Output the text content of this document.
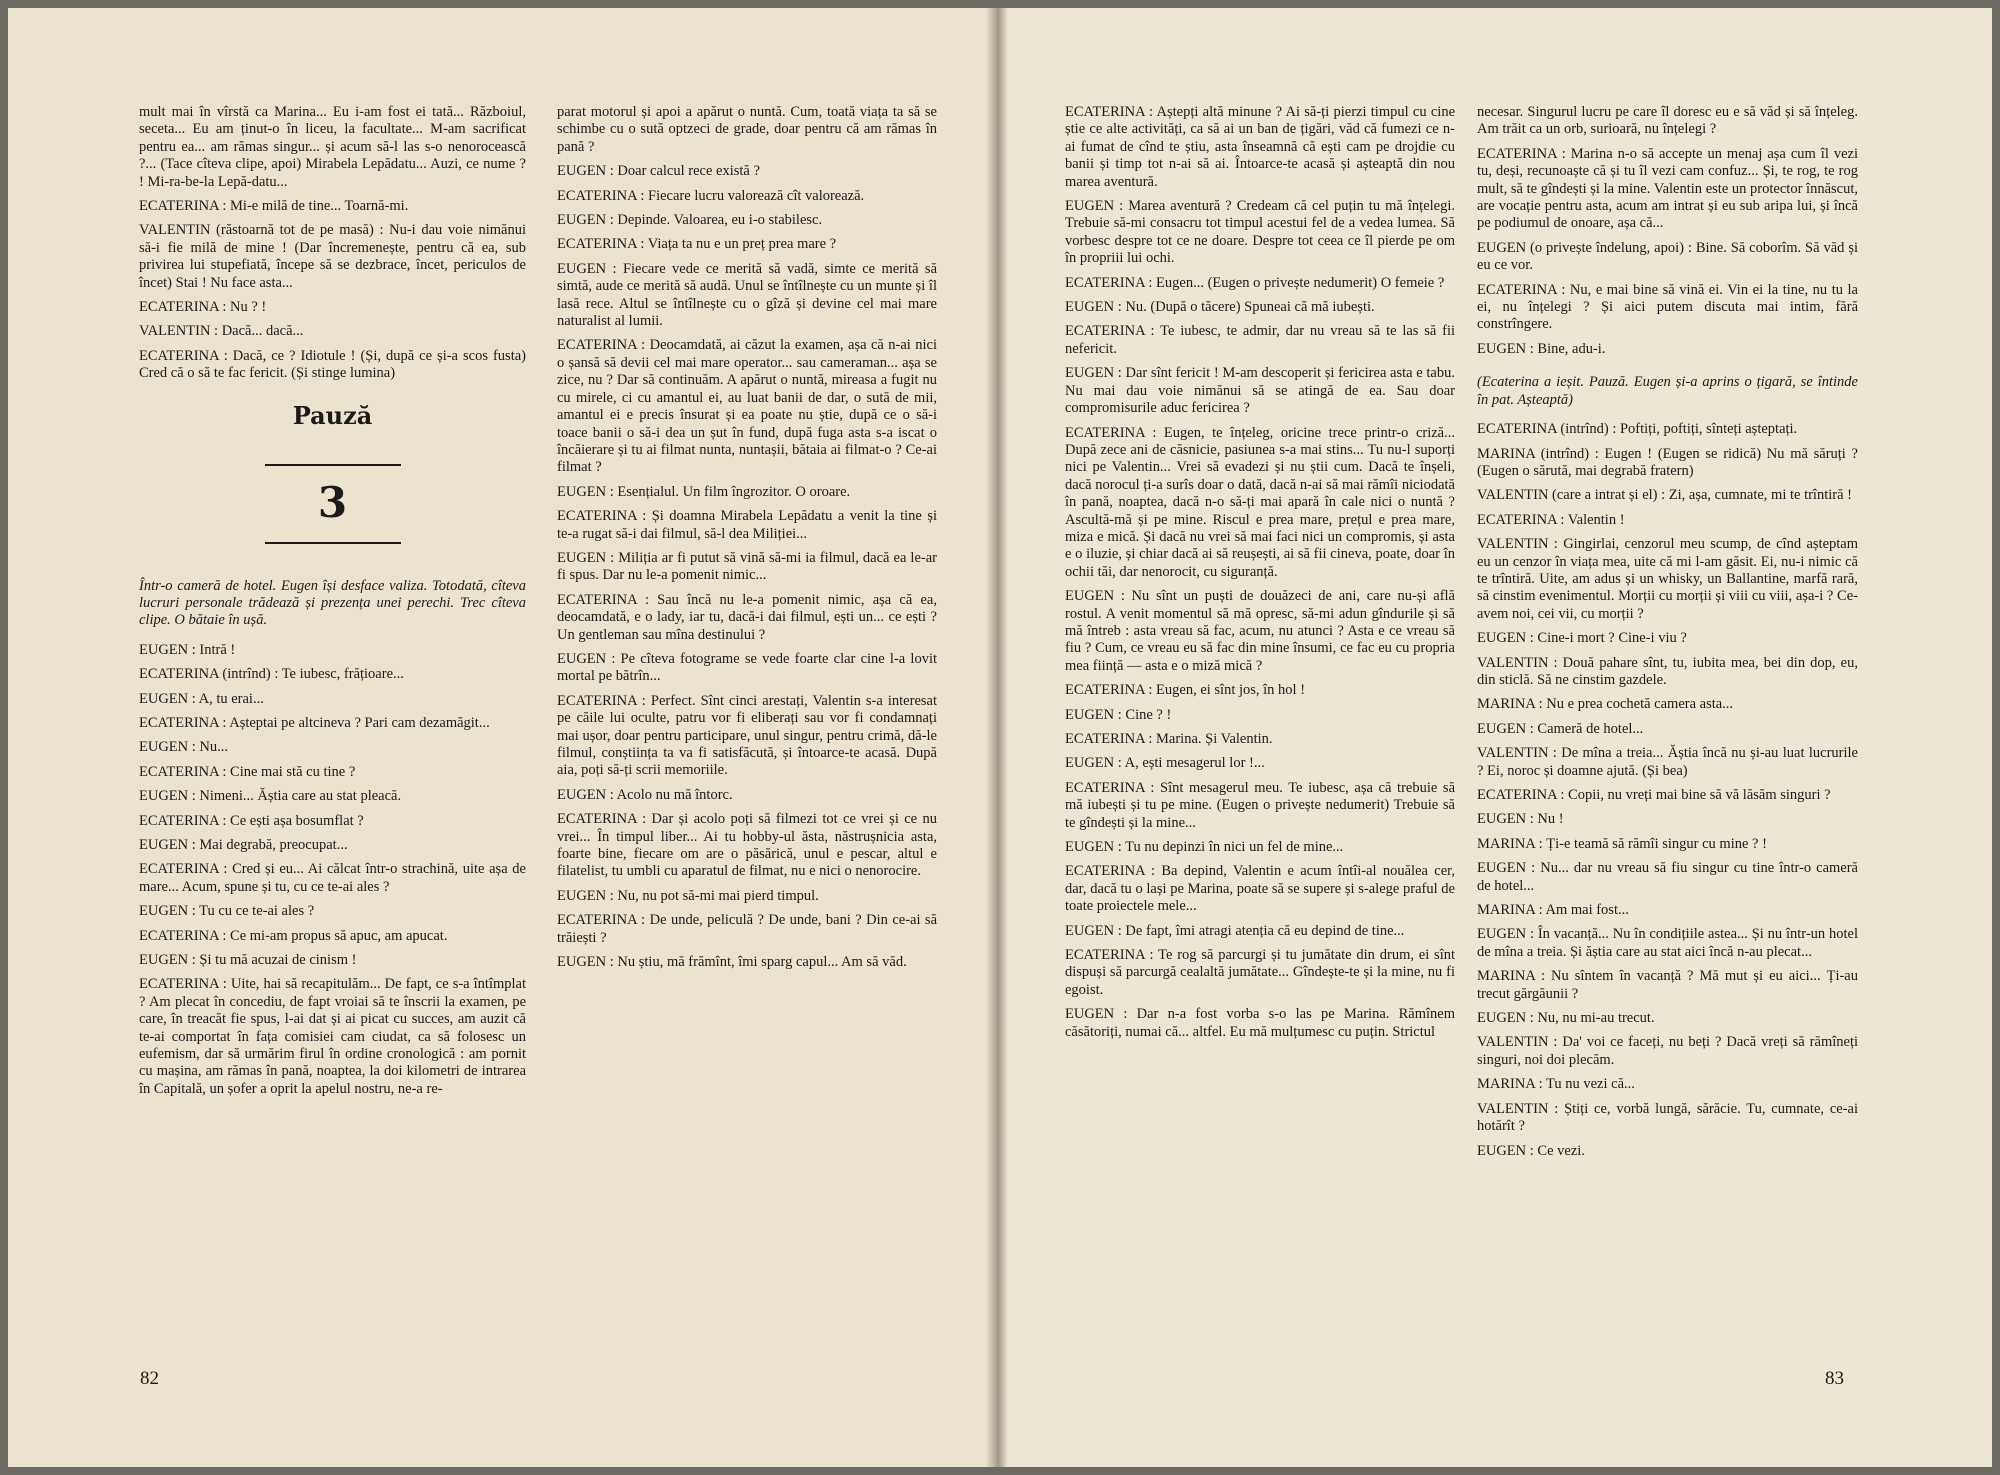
mult mai în vîrstă ca Marina... Eu i-am fost ei tată... Războiul, seceta... Eu am ținut-o în liceu, la facultate... M-am sacrificat pentru ea... am rămas singur... și acum să-l las s-o nenorocească ?... (Tace cîteva clipe, apoi) Mirabela Lepădatu... Auzi, ce nume ? ! Mi-ra-be-la Lepă-datu...

ECATERINA : Mi-e milă de tine... Toarnă-mi.

VALENTIN (răstoarnă tot de pe masă) : Nu-i dau voie nimănui să-i fie milă de mine ! (Dar încremenește, pentru că ea, sub privirea lui stupefiată, începe să se dezbrace, încet, periculos de încet) Stai ! Nu face asta...

ECATERINA : Nu ? !

VALENTIN : Dacă... dacă...

ECATERINA : Dacă, ce ? Idiotule ! (Și, după ce și-a scos fusta) Cred că o să te fac fericit. (Și stinge lumina)

Pauză
3

Într-o cameră de hotel. Eugen își desface valiza. Totodată, cîteva lucruri personale trădează și prezența unei perechi. Trec cîteva clipe. O bătaie în ușă.

EUGEN : Intră !

ECATERINA (intrînd) : Te iubesc, frățioare...

EUGEN : A, tu erai...

ECATERINA : Așteptai pe altcineva ? Pari cam dezamăgit...

EUGEN : Nu...

ECATERINA : Cine mai stă cu tine ?

EUGEN : Nimeni... Ăștia care au stat pleacă.

ECATERINA : Ce ești așa bosumflat ?

EUGEN : Mai degrabă, preocupat...

ECATERINA : Cred și eu... Ai călcat într-o strachină, uite așa de mare... Acum, spune și tu, cu ce te-ai ales ?

EUGEN : Tu cu ce te-ai ales ?

ECATERINA : Ce mi-am propus să apuc, am apucat.

EUGEN : Și tu mă acuzai de cinism !

ECATERINA : Uite, hai să recapitulăm... De fapt, ce s-a întîmplat ? Am plecat în concediu, de fapt vroiai să te înscrii la examen, pe care, în treacăt fie spus, l-ai dat și ai picat cu succes, am auzit că te-ai comportat în fața comisiei cam ciudat, ca să folosesc un eufemism, dar să urmărim firul în ordine cronologică : am pornit cu mașina, am rămas în pană, noaptea, la doi kilometri de intrarea în Capitală, un șofer a oprit la apelul nostru, ne-a re-

parat motorul și apoi a apărut o nuntă. Cum, toată viața ta să se schimbe cu o sută optzeci de grade, doar pentru că am rămas în pană ?

EUGEN : Doar calcul rece există ?

ECATERINA : Fiecare lucru valorează cît valorează.

EUGEN : Depinde. Valoarea, eu i-o stabilesc.

ECATERINA : Viața ta nu e un preț prea mare ?

EUGEN : Fiecare vede ce merită să vadă, simte ce merită să simtă, aude ce merită să audă. Unul se întîlnește cu un munte și îl lasă rece. Altul se întîlnește cu o gîză și devine cel mai mare naturalist al lumii.

ECATERINA : Deocamdată, ai căzut la examen, așa că n-ai nici o șansă să devii cel mai mare operator... sau cameraman... așa se zice, nu ? Dar să continuăm. A apărut o nuntă, mireasa a fugit nu cu mirele, ci cu amantul ei, au luat banii de dar, o sută de mii, amantul ei e precis însurat și ea poate nu știe, după ce o să-i toace banii o să-i dea un șut în fund, după fuga asta s-a iscat o încăierare și tu ai filmat nunta, nuntașii, bătaia ai filmat-o ? Ce-ai filmat ?

EUGEN : Esențialul. Un film îngrozitor. O oroare.

ECATERINA : Și doamna Mirabela Lepădatu a venit la tine și te-a rugat să-i dai filmul, să-l dea Miliției...

EUGEN : Miliția ar fi putut să vină să-mi ia filmul, dacă ea le-ar fi spus. Dar nu le-a pomenit nimic...

ECATERINA : Sau încă nu le-a pomenit nimic, așa că ea, deocamdată, e o lady, iar tu, dacă-i dai filmul, ești un... ce ești ? Un gentleman sau mîna destinului ?

EUGEN : Pe cîteva fotograme se vede foarte clar cine l-a lovit mortal pe bătrîn...

ECATERINA : Perfect. Sînt cinci arestați, Valentin s-a interesat pe căile lui oculte, patru vor fi eliberați sau vor fi condamnați mai ușor, doar pentru participare, unul singur, pentru crimă, dă-le filmul, conștiința ta va fi satisfăcută, și întoarce-te acasă. După aia, poți să-ți scrii memoriile.

EUGEN : Acolo nu mă întorc.

ECATERINA : Dar și acolo poți să filmezi tot ce vrei și ce nu vrei... În timpul liber... Ai tu hobby-ul ăsta, năstrușnicia asta, foarte bine, fiecare om are o păsărică, unul e pescar, altul e filatelist, tu umbli cu aparatul de filmat, nu e nici o nenorocire.

EUGEN : Nu, nu pot să-mi mai pierd timpul.

ECATERINA : De unde, peliculă ? De unde, bani ? Din ce-ai să trăiești ?

EUGEN : Nu știu, mă frămînt, îmi sparg capul... Am să văd.

ECATERINA : Aștepți altă minune ? Ai să-ți pierzi timpul cu cine știe ce alte activități, ca să ai un ban de țigări, văd că fumezi ce n-ai fumat de cînd te știu, asta înseamnă că ești cam pe drojdie cu banii și timp tot n-ai să ai. Întoarce-te acasă și așteaptă din nou marea aventură.

EUGEN : Marea aventură ? Credeam că cel puțin tu mă înțelegi. Trebuie să-mi consacru tot timpul acestui fel de a vedea lumea. Să vorbesc despre tot ce ne doare. Despre tot ceea ce îl pierde pe om în propriii lui ochi.

ECATERINA : Eugen... (Eugen o privește nedumerit) O femeie ?

EUGEN : Nu. (După o tăcere) Spuneai că mă iubești.

ECATERINA : Te iubesc, te admir, dar nu vreau să te las să fii nefericit.

EUGEN : Dar sînt fericit ! M-am descoperit și fericirea asta e tabu. Nu mai dau voie nimănui să se atingă de ea. Sau doar compromisurile aduc fericirea ?

ECATERINA : Eugen, te înțeleg, oricine trece printr-o criză... După zece ani de căsnicie, pasiunea s-a mai stins... Tu nu-l suporți nici pe Valentin... Vrei să evadezi și nu știi cum. Dacă te înșeli, dacă norocul ți-a surîs doar o dată, dacă n-ai să mai rămîi niciodată în pană, noaptea, dacă n-o să-ți mai apară în cale nici o nuntă ? Ascultă-mă și pe mine. Riscul e prea mare, prețul e prea mare, miza e mică. Și dacă nu vrei să mai faci nici un compromis, și asta e o iluzie, și chiar dacă ai să reușești, ai să fii cineva, poate, doar în ochii tăi, dar nenorocit, cu siguranță.

EUGEN : Nu sînt un puști de douăzeci de ani, care nu-și află rostul. A venit momentul să mă opresc, să-mi adun gîndurile și să mă întreb : asta vreau să fac, acum, nu atunci ? Asta e ce vreau să fiu ? Cum, ce vreau eu să fac din mine însumi, ce fac eu cu propria mea ființă — asta e o miză mică ?

ECATERINA : Eugen, ei sînt jos, în hol !

EUGEN : Cine ? !

ECATERINA : Marina. Și Valentin.

EUGEN : A, ești mesagerul lor !...

ECATERINA : Sînt mesagerul meu. Te iubesc, așa că trebuie să mă iubești și tu pe mine. (Eugen o privește nedumerit) Trebuie să te gîndești și la mine...

EUGEN : Tu nu depinzi în nici un fel de mine...

ECATERINA : Ba depind, Valentin e acum întîi-al nouălea cer, dar, dacă tu o lași pe Marina, poate să se supere și s-alege praful de toate proiectele mele...

EUGEN : De fapt, îmi atragi atenția că eu depind de tine...

ECATERINA : Te rog să parcurgi și tu jumătate din drum, ei sînt dispuși să parcurgă cealaltă jumătate... Gîndește-te și la mine, nu fi egoist.

EUGEN : Dar n-a fost vorba s-o las pe Marina. Rămînem căsătoriți, numai că... altfel. Eu mă mulțumesc cu puțin. Strictul

necesar. Singurul lucru pe care îl doresc eu e să văd și să înțeleg. Am trăit ca un orb, surioară, nu înțelegi ?

ECATERINA : Marina n-o să accepte un menaj așa cum îl vezi tu, deși, recunoaște că și tu îl vezi cam confuz... Și, te rog, te rog mult, să te gîndești și la mine. Valentin este un protector înnăscut, are vocație pentru asta, acum am intrat și eu sub aripa lui, și încă pe podiumul de onoare, așa că...

EUGEN (o privește îndelung, apoi) : Bine. Să coborîm. Să văd și eu ce vor.

ECATERINA : Nu, e mai bine să vină ei. Vin ei la tine, nu tu la ei, nu înțelegi ? Și aici putem discuta mai intim, fără constrîngere.

EUGEN : Bine, adu-i.

(Ecaterina a ieșit. Pauză. Eugen și-a aprins o țigară, se întinde în pat. Așteaptă)

ECATERINA (intrînd) : Poftiți, poftiți, sînteți așteptați.

MARINA (intrînd) : Eugen ! (Eugen se ridică) Nu mă săruți ? (Eugen o sărută, mai degrabă fratern)

VALENTIN (care a intrat și el) : Zi, așa, cumnate, mi te trîntiră !

ECATERINA : Valentin !

VALENTIN : Gingirlai, cenzorul meu scump, de cînd așteptam eu un cenzor în viața mea, uite că mi l-am găsit. Ei, nu-i nimic că te trîntiră. Uite, am adus și un whisky, un Ballantine, marfă rară, să cinstim evenimentul. Morții cu morții și viii cu viii, așa-i ? Ce-avem noi, cei vii, cu morții ?

EUGEN : Cine-i mort ? Cine-i viu ?

VALENTIN : Două pahare sînt, tu, iubita mea, bei din dop, eu, din sticlă. Să ne cinstim gazdele.

MARINA : Nu e prea cochetă camera asta...

EUGEN : Cameră de hotel...

VALENTIN : De mîna a treia... Ăștia încă nu și-au luat lucrurile ? Ei, noroc și doamne ajută. (Și bea)

ECATERINA : Copii, nu vreți mai bine să vă lăsăm singuri ?

EUGEN : Nu !

MARINA : Ți-e teamă să rămîi singur cu mine ? !

EUGEN : Nu... dar nu vreau să fiu singur cu tine într-o cameră de hotel...

MARINA : Am mai fost...

EUGEN : În vacanță... Nu în condițiile astea... Și nu într-un hotel de mîna a treia. Și ăștia care au stat aici încă n-au plecat...

MARINA : Nu sîntem în vacanță ? Mă mut și eu aici... Ți-au trecut gărgăunii ?

EUGEN : Nu, nu mi-au trecut.

VALENTIN : Da' voi ce faceți, nu beți ? Dacă vreți să rămîneți singuri, noi doi plecăm.

MARINA : Tu nu vezi că...

VALENTIN : Știți ce, vorbă lungă, sărăcie. Tu, cumnate, ce-ai hotărît ?

EUGEN : Ce vezi.

82	83
